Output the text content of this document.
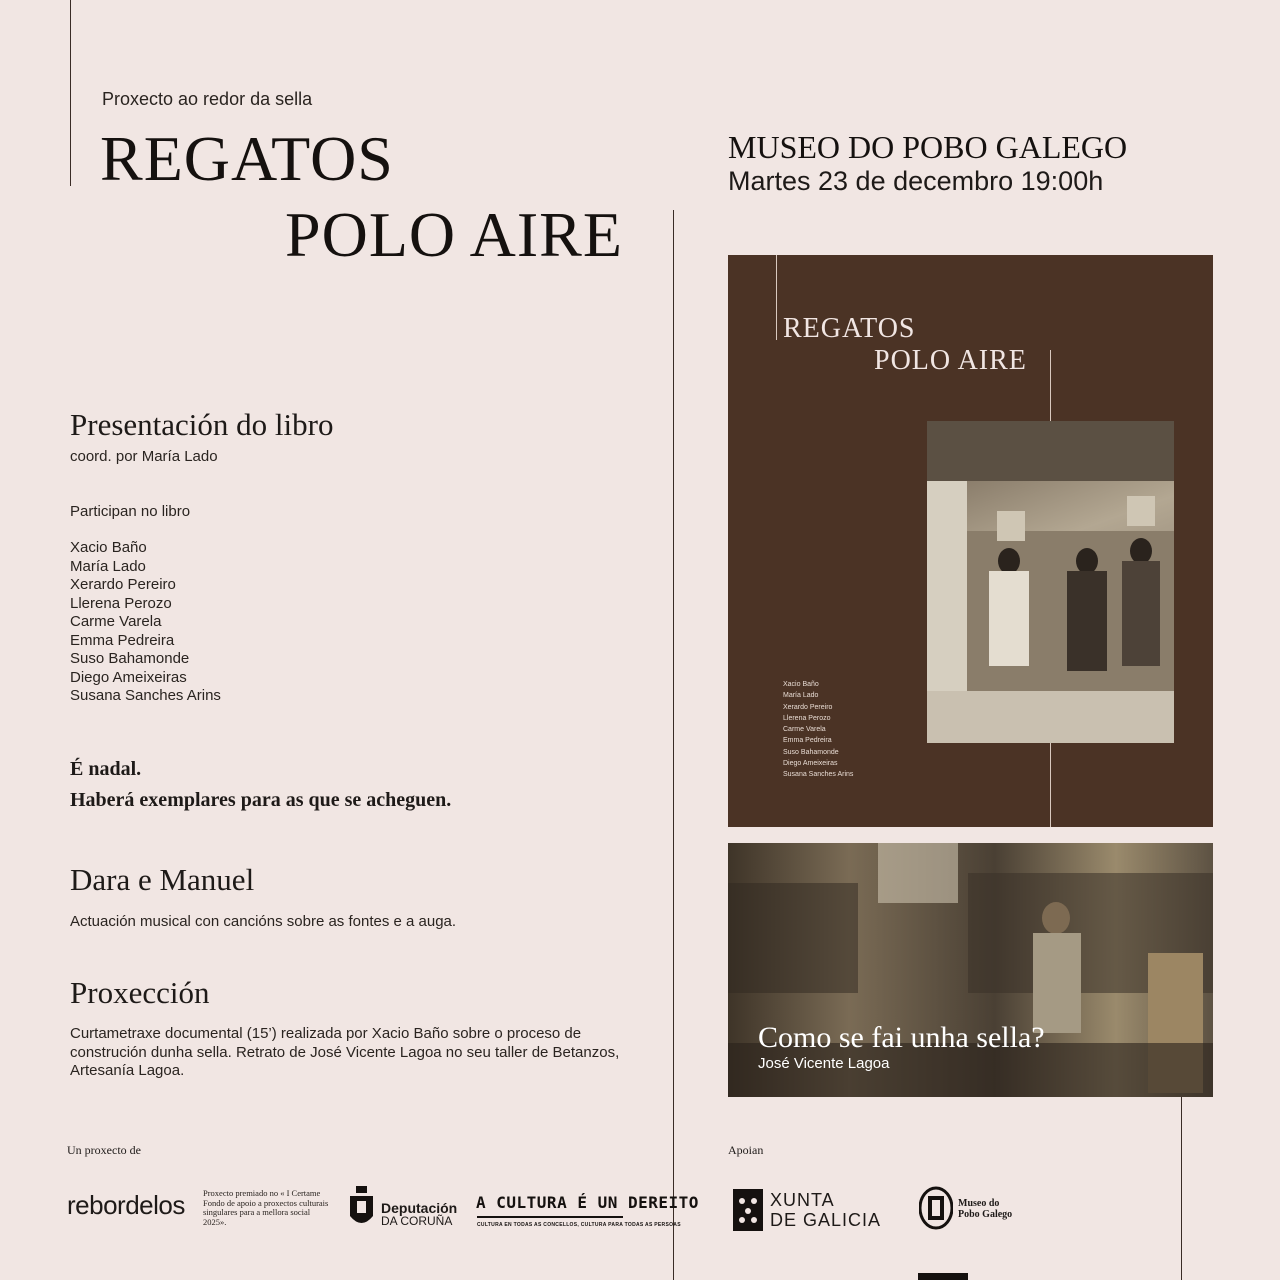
Proxecto ao redor da sella
REGATOS
POLO AIRE
MUSEO DO POBO GALEGO
Martes 23 de decembro 19:00h
Presentación do libro
coord. por María Lado
Participan no libro
Xacio Baño
María Lado
Xerardo Pereiro
Llerena Perozo
Carme Varela
Emma Pedreira
Suso Bahamonde
Diego Ameixeiras
Susana Sanches Arins
É nadal.
Haberá exemplares para as que se acheguen.
Dara e Manuel
Actuación musical con cancións sobre as fontes e a auga.
Proxección
Curtametraxe documental (15’) realizada por Xacio Baño sobre o proceso de construción dunha sella. Retrato de José Vicente Lagoa no seu taller de Betanzos, Artesanía Lagoa.
REGATOS
POLO AIRE
Xacio Baño
María Lado
Xerardo Pereiro
Llerena Perozo
Carme Varela
Emma Pedreira
Suso Bahamonde
Diego Ameixeiras
Susana Sanches Arins
Como se fai unha sella?
José Vicente Lagoa
Un proxecto de	Apoian
rebordelos Proxecto premiado no « I Certame Fondo de apoio a proxectos culturais singulares para a mellora social 2025».
Deputación
DA CORUÑA
A CULTURA É UN DEREITO
CULTURA EN TODAS AS CONCELLOS, CULTURA PARA TODAS AS PERSOAS
XUNTA
DE GALICIA
Museo do
Pobo Galego
